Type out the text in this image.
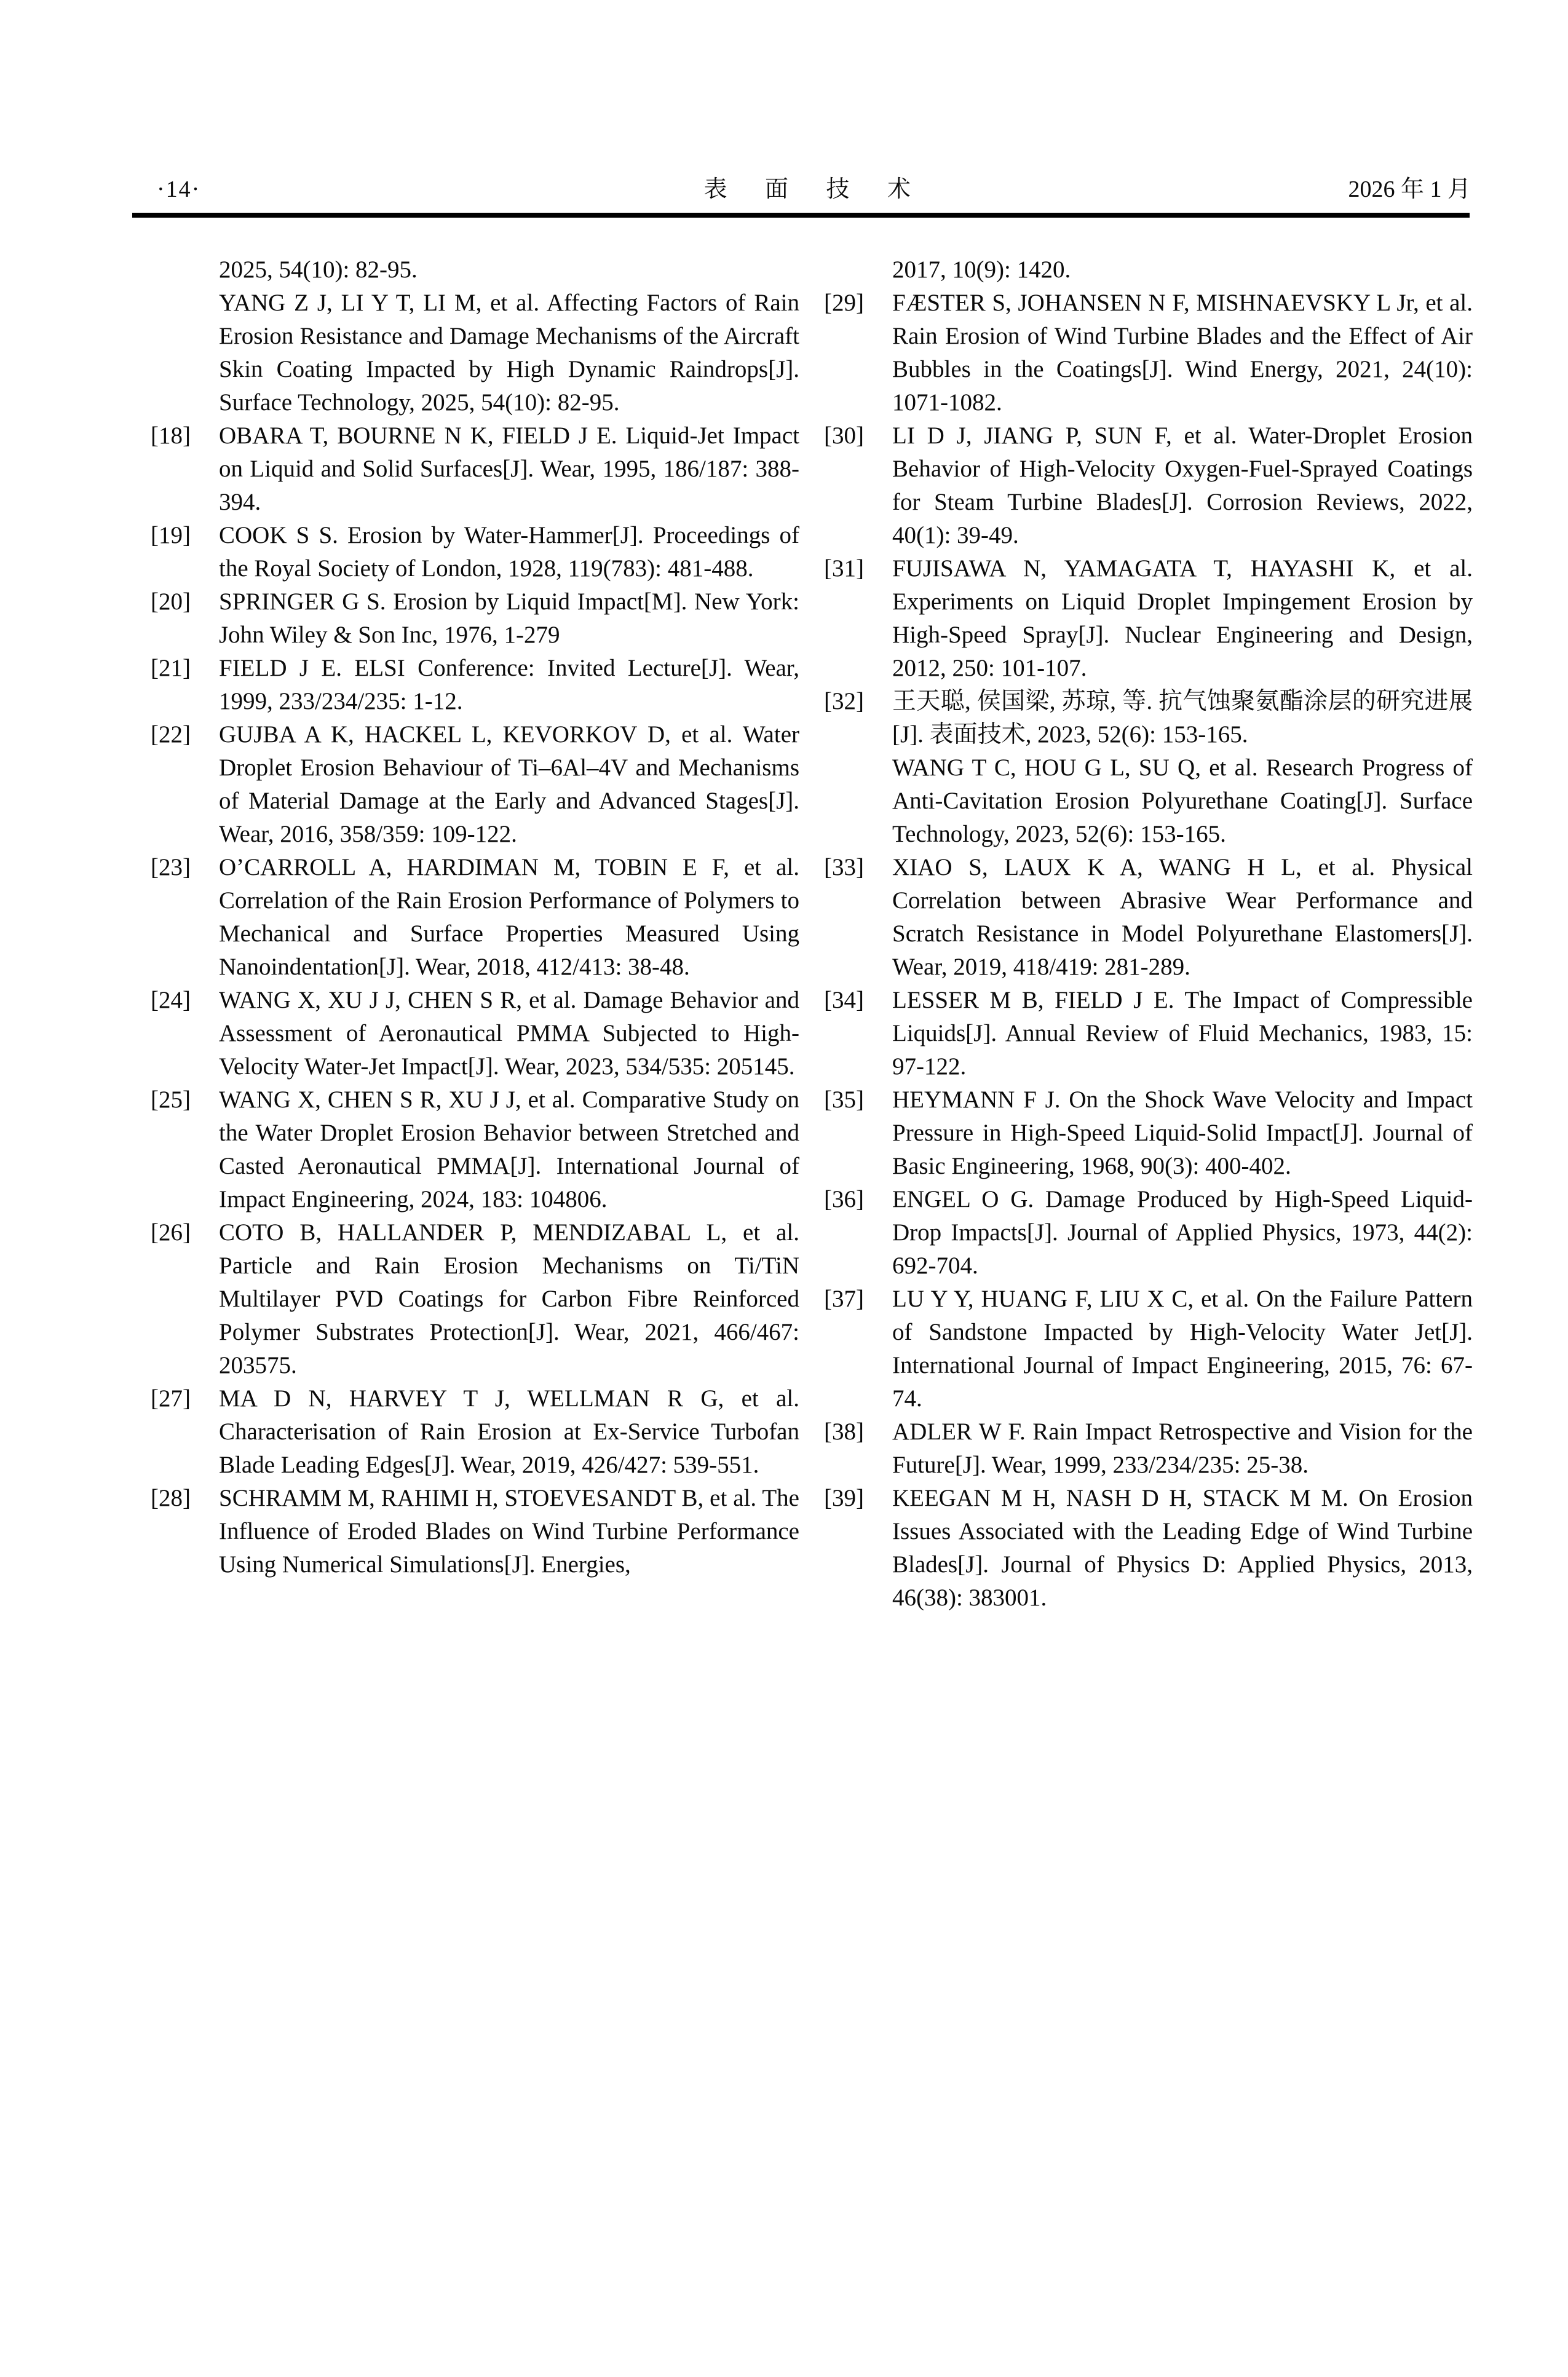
·14·	表 面 技 术	2026 年 1 月
2025, 54(10): 82-95.
YANG Z J, LI Y T, LI M, et al. Affecting Factors of Rain Erosion Resistance and Damage Mechanisms of the Aircraft Skin Coating Impacted by High Dynamic Raindrops[J]. Surface Technology, 2025, 54(10): 82-95.
[18]	OBARA T, BOURNE N K, FIELD J E. Liquid-Jet Impact on Liquid and Solid Surfaces[J]. Wear, 1995, 186/187: 388-394.
[19]	COOK S S. Erosion by Water-Hammer[J]. Proceedings of the Royal Society of London, 1928, 119(783): 481-488.
[20]	SPRINGER G S. Erosion by Liquid Impact[M]. New York: John Wiley & Son Inc, 1976, 1-279
[21]	FIELD J E. ELSI Conference: Invited Lecture[J]. Wear, 1999, 233/234/235: 1-12.
[22]	GUJBA A K, HACKEL L, KEVORKOV D, et al. Water Droplet Erosion Behaviour of Ti–6Al–4V and Mechanisms of Material Damage at the Early and Advanced Stages[J]. Wear, 2016, 358/359: 109-122.
[23]	O’CARROLL A, HARDIMAN M, TOBIN E F, et al. Correlation of the Rain Erosion Performance of Polymers to Mechanical and Surface Properties Measured Using Nanoindentation[J]. Wear, 2018, 412/413: 38-48.
[24]	WANG X, XU J J, CHEN S R, et al. Damage Behavior and Assessment of Aeronautical PMMA Subjected to High-Velocity Water-Jet Impact[J]. Wear, 2023, 534/535: 205145.
[25]	WANG X, CHEN S R, XU J J, et al. Comparative Study on the Water Droplet Erosion Behavior between Stretched and Casted Aeronautical PMMA[J]. International Journal of Impact Engineering, 2024, 183: 104806.
[26]	COTO B, HALLANDER P, MENDIZABAL L, et al. Particle and Rain Erosion Mechanisms on Ti/TiN Multilayer PVD Coatings for Carbon Fibre Reinforced Polymer Substrates Protection[J]. Wear, 2021, 466/467: 203575.
[27]	MA D N, HARVEY T J, WELLMAN R G, et al. Characterisation of Rain Erosion at Ex-Service Turbofan Blade Leading Edges[J]. Wear, 2019, 426/427: 539-551.
[28]	SCHRAMM M, RAHIMI H, STOEVESANDT B, et al. The Influence of Eroded Blades on Wind Turbine Performance Using Numerical Simulations[J]. Energies,
2017, 10(9): 1420.
[29]	FÆSTER S, JOHANSEN N F, MISHNAEVSKY L Jr, et al. Rain Erosion of Wind Turbine Blades and the Effect of Air Bubbles in the Coatings[J]. Wind Energy, 2021, 24(10): 1071-1082.
[30]	LI D J, JIANG P, SUN F, et al. Water-Droplet Erosion Behavior of High-Velocity Oxygen-Fuel-Sprayed Coatings for Steam Turbine Blades[J]. Corrosion Reviews, 2022, 40(1): 39-49.
[31]	FUJISAWA N, YAMAGATA T, HAYASHI K, et al. Experiments on Liquid Droplet Impingement Erosion by High-Speed Spray[J]. Nuclear Engineering and Design, 2012, 250: 101-107.
[32]	王天聪, 侯国梁, 苏琼, 等. 抗气蚀聚氨酯涂层的研究进展[J]. 表面技术, 2023, 52(6): 153-165.
WANG T C, HOU G L, SU Q, et al. Research Progress of Anti-Cavitation Erosion Polyurethane Coating[J]. Surface Technology, 2023, 52(6): 153-165.
[33]	XIAO S, LAUX K A, WANG H L, et al. Physical Correlation between Abrasive Wear Performance and Scratch Resistance in Model Polyurethane Elastomers[J]. Wear, 2019, 418/419: 281-289.
[34]	LESSER M B, FIELD J E. The Impact of Compressible Liquids[J]. Annual Review of Fluid Mechanics, 1983, 15: 97-122.
[35]	HEYMANN F J. On the Shock Wave Velocity and Impact Pressure in High-Speed Liquid-Solid Impact[J]. Journal of Basic Engineering, 1968, 90(3): 400-402.
[36]	ENGEL O G. Damage Produced by High-Speed Liquid-Drop Impacts[J]. Journal of Applied Physics, 1973, 44(2): 692-704.
[37]	LU Y Y, HUANG F, LIU X C, et al. On the Failure Pattern of Sandstone Impacted by High-Velocity Water Jet[J]. International Journal of Impact Engineering, 2015, 76: 67-74.
[38]	ADLER W F. Rain Impact Retrospective and Vision for the Future[J]. Wear, 1999, 233/234/235: 25-38.
[39]	KEEGAN M H, NASH D H, STACK M M. On Erosion Issues Associated with the Leading Edge of Wind Turbine Blades[J]. Journal of Physics D: Applied Physics, 2013, 46(38): 383001.
